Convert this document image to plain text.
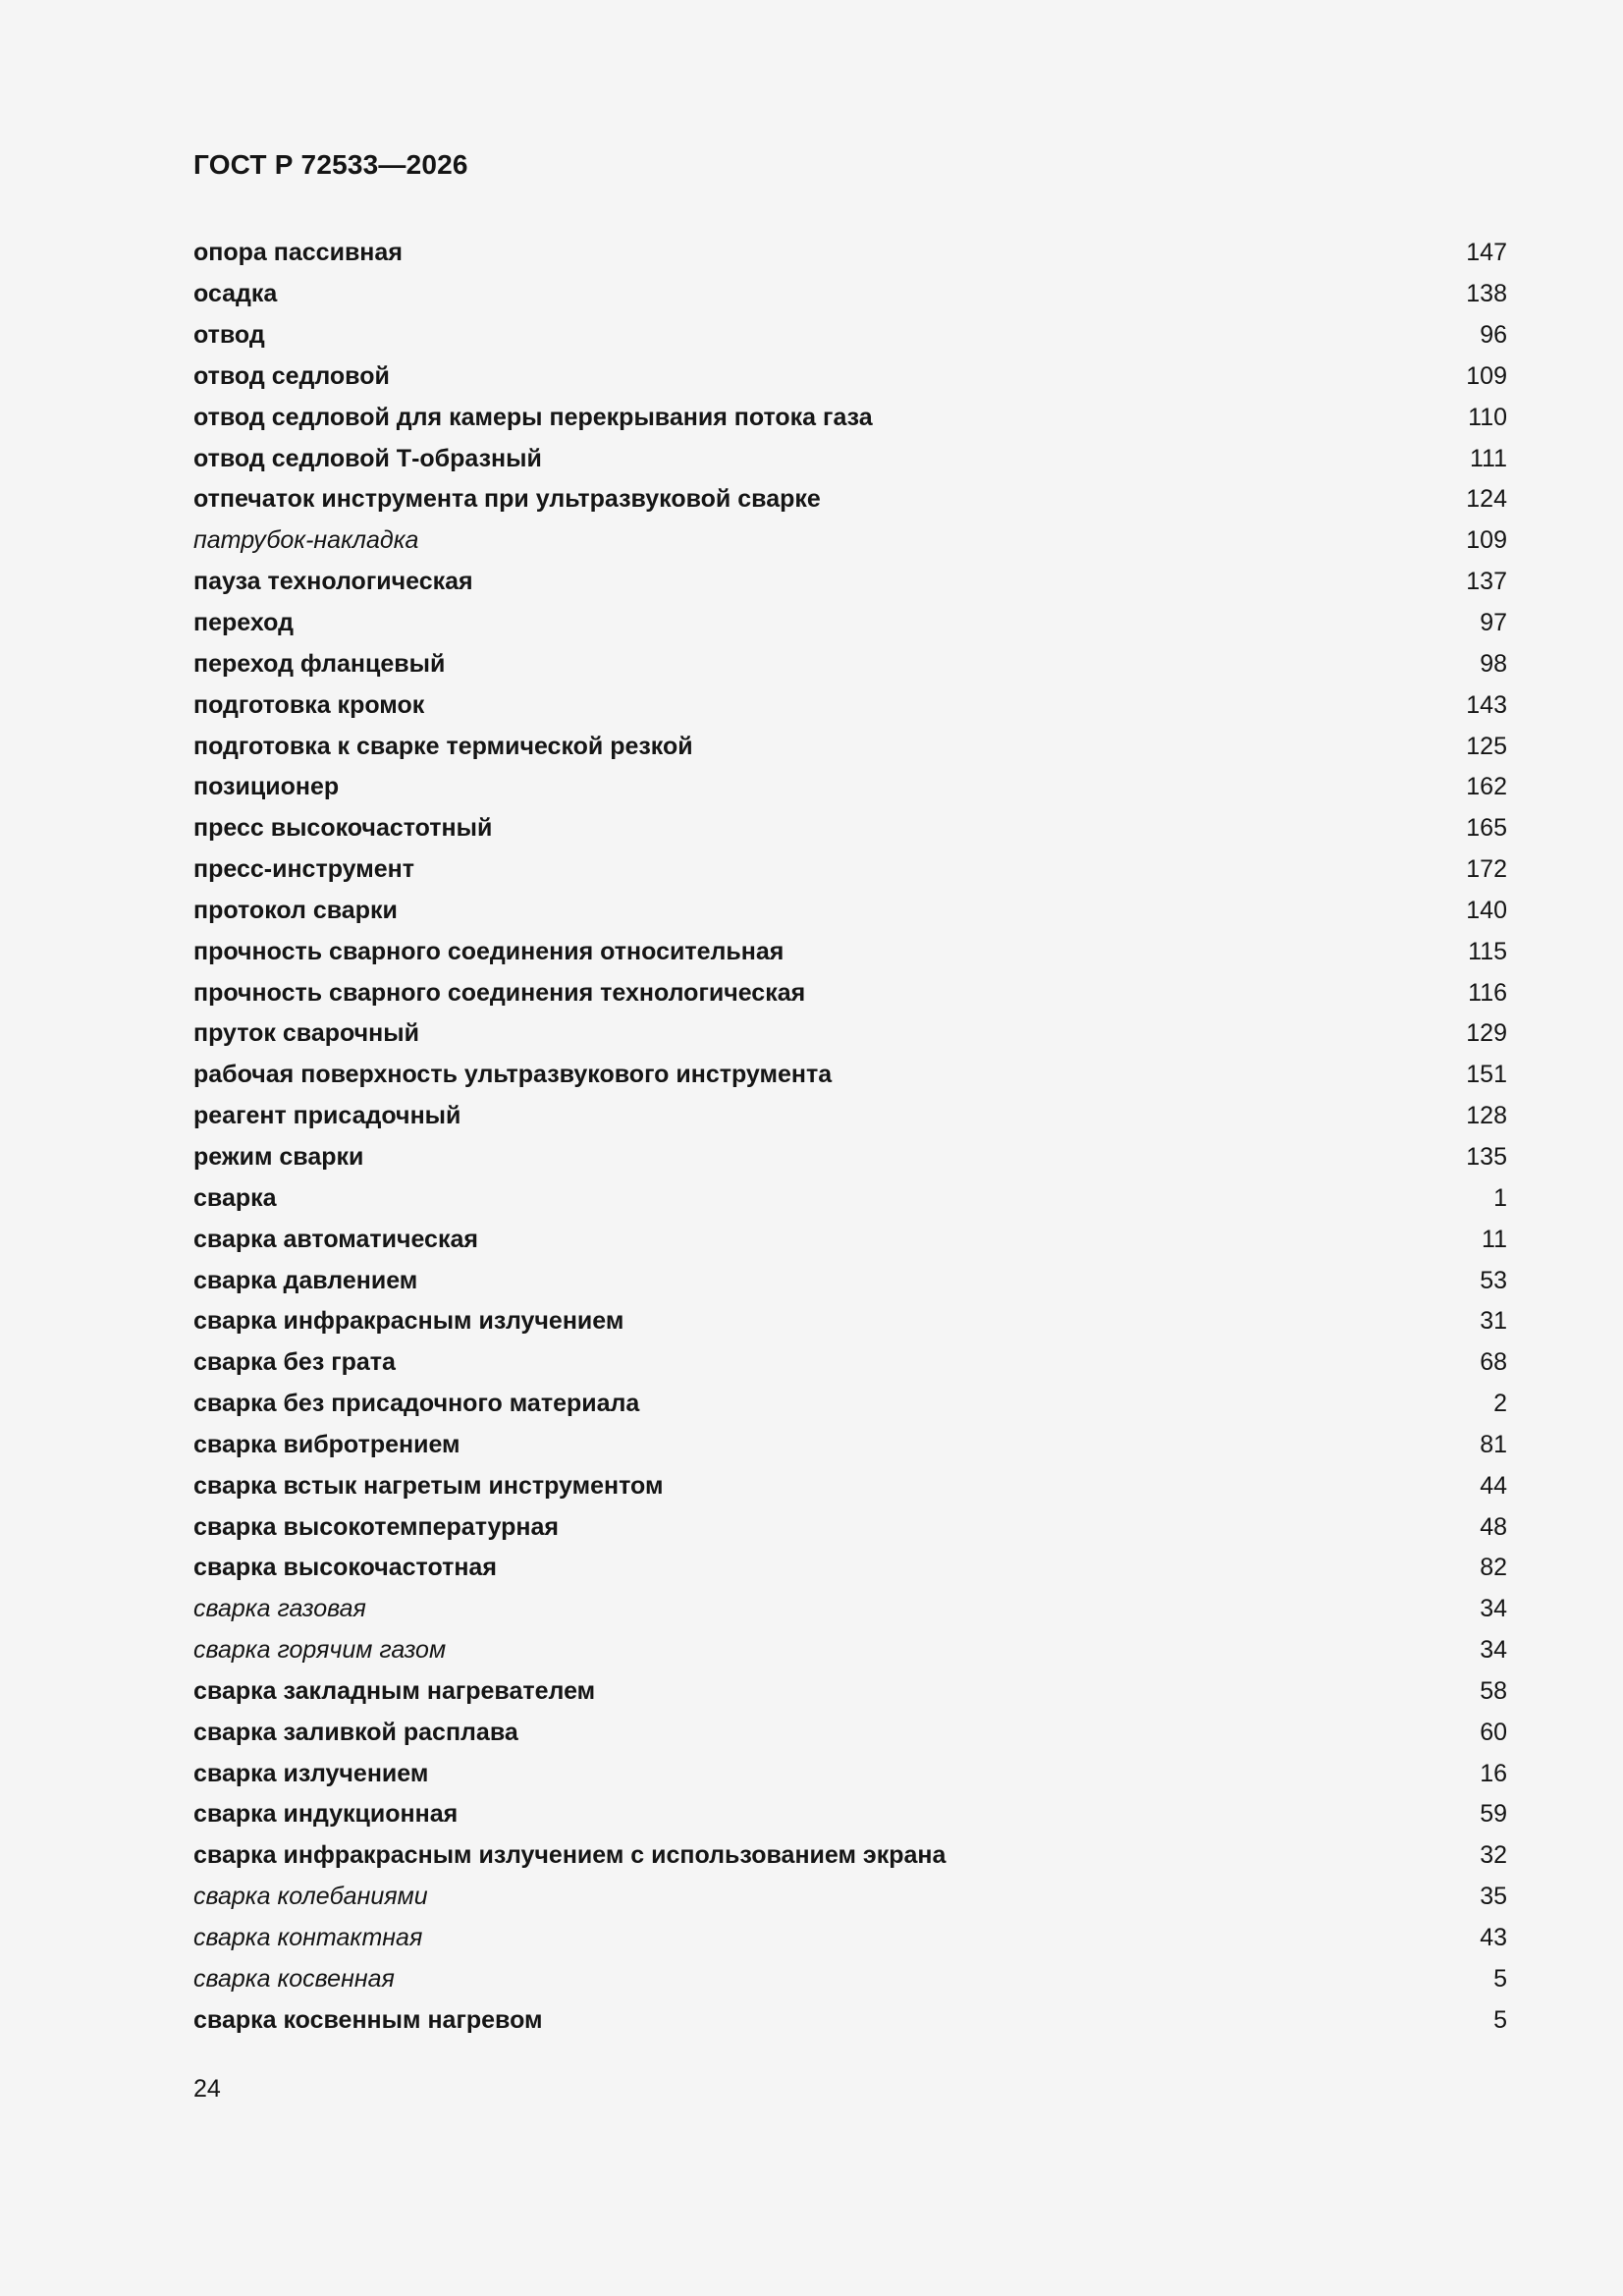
ГОСТ Р 72533—2026
опора пассивная	147
осадка	138
отвод	96
отвод седловой	109
отвод седловой для камеры перекрывания потока газа	110
отвод седловой Т-образный	111
отпечаток инструмента при ультразвуковой сварке	124
патрубок-накладка	109
пауза технологическая	137
переход	97
переход фланцевый	98
подготовка кромок	143
подготовка к сварке термической резкой	125
позиционер	162
пресс высокочастотный	165
пресс-инструмент	172
протокол сварки	140
прочность сварного соединения относительная	115
прочность сварного соединения технологическая	116
пруток сварочный	129
рабочая поверхность ультразвукового инструмента	151
реагент присадочный	128
режим сварки	135
сварка	1
сварка автоматическая	11
сварка давлением	53
сварка инфракрасным излучением	31
сварка без грата	68
сварка без присадочного материала	2
сварка вибротрением	81
сварка встык нагретым инструментом	44
сварка высокотемпературная	48
сварка высокочастотная	82
сварка газовая	34
сварка горячим газом	34
сварка закладным нагревателем	58
сварка заливкой расплава	60
сварка излучением	16
сварка индукционная	59
сварка инфракрасным излучением с использованием экрана	32
сварка колебаниями	35
сварка контактная	43
сварка косвенная	5
сварка косвенным нагревом	5
24
